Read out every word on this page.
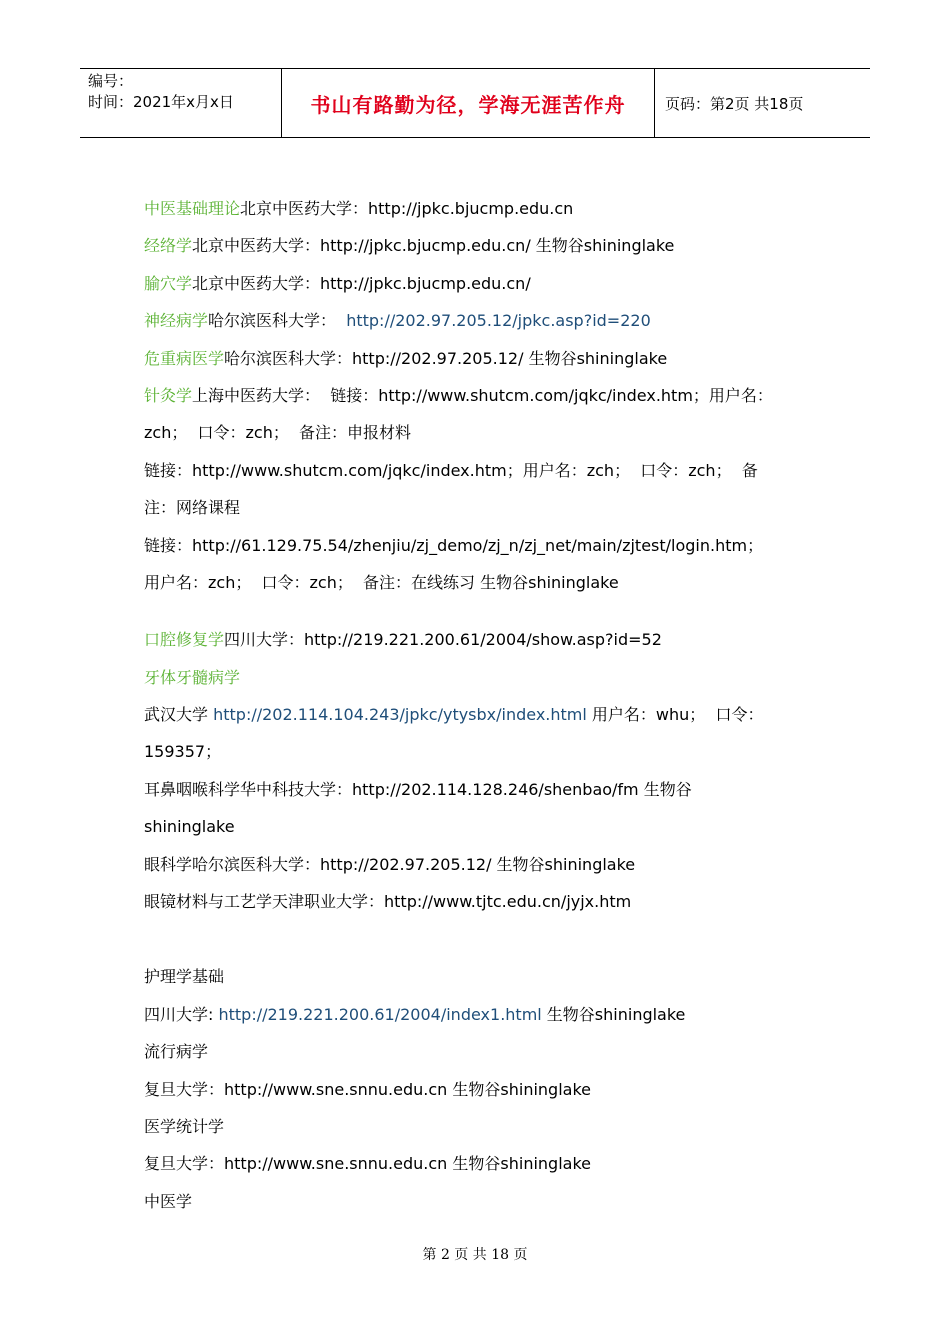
编号：
时间：2021年x月x日	书山有路勤为径，学海无涯苦作舟	页码：第2页 共18页
中医基础理论北京中医药大学：http://jpkc.bjucmp.edu.cn
经络学北京中医药大学：http://jpkc.bjucmp.edu.cn/ 生物谷shininglake
腧穴学北京中医药大学：http://jpkc.bjucmp.edu.cn/
神经病学哈尔滨医科大学：  http://202.97.205.12/jpkc.asp?id=220
危重病医学哈尔滨医科大学：http://202.97.205.12/ 生物谷shininglake
针灸学上海中医药大学：  链接：http://www.shutcm.com/jqkc/index.htm；用户名：
zch；  口令：zch；  备注：申报材料
链接：http://www.shutcm.com/jqkc/index.htm；用户名：zch；  口令：zch；  备
注：网络课程
链接：http://61.129.75.54/zhenjiu/zj_demo/zj_n/zj_net/main/zjtest/login.htm；
用户名：zch；  口令：zch；  备注：在线练习 生物谷shininglake
口腔修复学四川大学：http://219.221.200.61/2004/show.asp?id=52
牙体牙髓病学
武汉大学 http://202.114.104.243/jpkc/ytysbx/index.html 用户名：whu；  口令：
159357；
耳鼻咽喉科学华中科技大学：http://202.114.128.246/shenbao/fm 生物谷
shininglake
眼科学哈尔滨医科大学：http://202.97.205.12/ 生物谷shininglake
眼镜材料与工艺学天津职业大学：http://www.tjtc.edu.cn/jyjx.htm
护理学基础
四川大学: http://219.221.200.61/2004/index1.html 生物谷shininglake
流行病学
复旦大学：http://www.sne.snnu.edu.cn 生物谷shininglake
医学统计学
复旦大学：http://www.sne.snnu.edu.cn 生物谷shininglake
中医学
第 2 页 共 18 页
